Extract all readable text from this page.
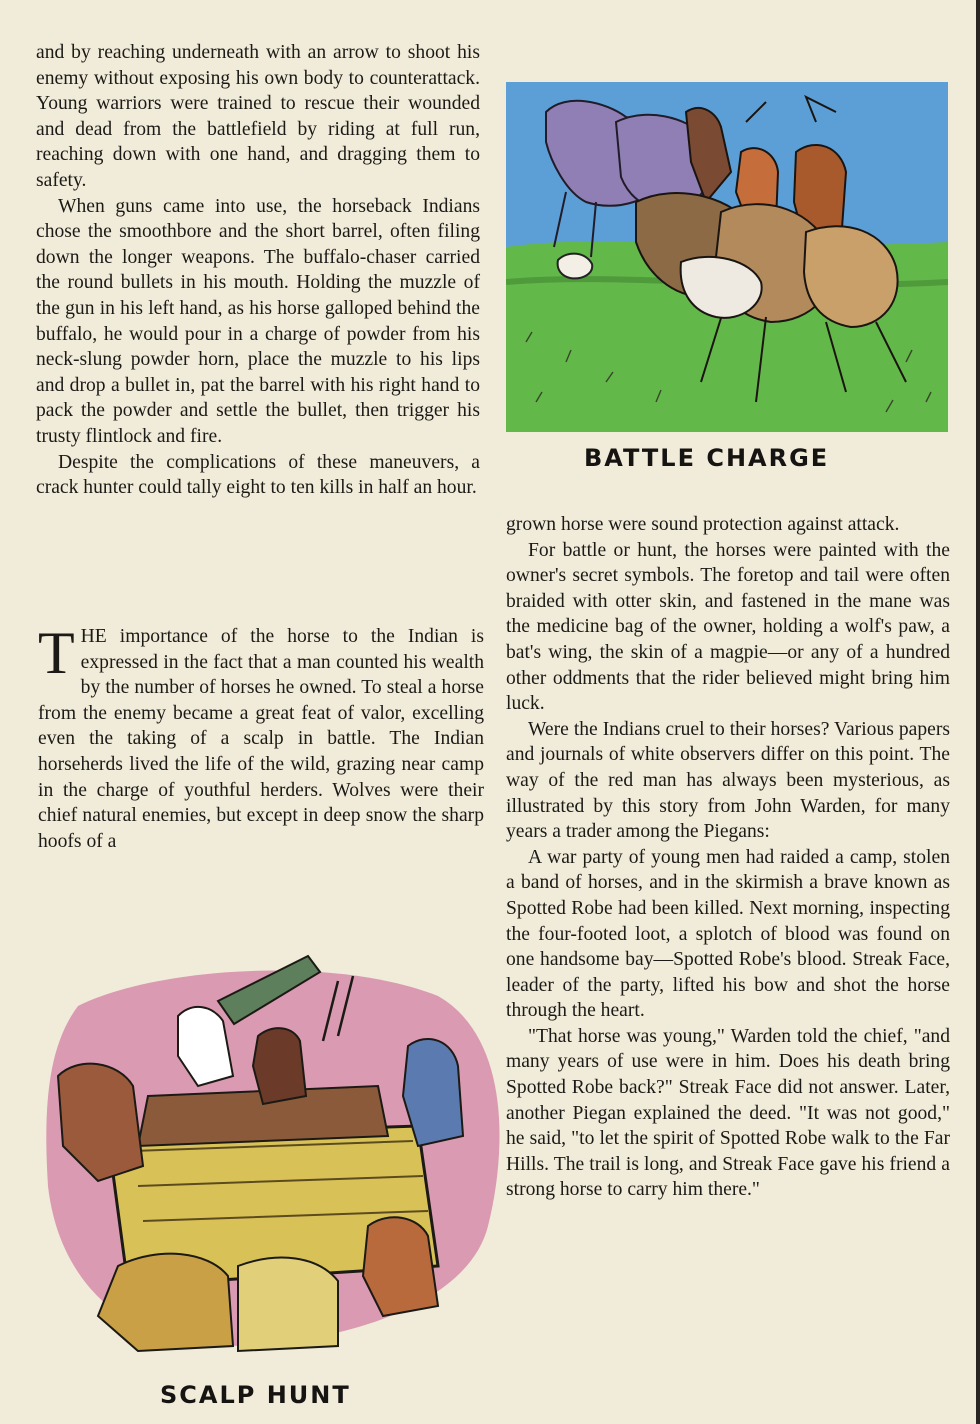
and by reaching underneath with an arrow to shoot his enemy without exposing his own body to counterattack. Young warriors were trained to rescue their wounded and dead from the battlefield by riding at full run, reaching down with one hand, and dragging them to safety.

When guns came into use, the horseback Indians chose the smoothbore and the short barrel, often filing down the longer weapons. The buffalo-chaser carried the round bullets in his mouth. Holding the muzzle of the gun in his left hand, as his horse galloped behind the buffalo, he would pour in a charge of powder from his neck-slung powder horn, place the muzzle to his lips and drop a bullet in, pat the barrel with his right hand to pack the powder and settle the bullet, then trigger his trusty flintlock and fire.

Despite the complications of these maneuvers, a crack hunter could tally eight to ten kills in half an hour.

THE importance of the horse to the Indian is expressed in the fact that a man counted his wealth by the number of horses he owned. To steal a horse from the enemy became a great feat of valor, excelling even the taking of a scalp in battle. The Indian horseherds lived the life of the wild, grazing near camp in the charge of youthful herders. Wolves were their chief natural enemies, but except in deep snow the sharp hoofs of a

BATTLE CHARGE

grown horse were sound protection against attack.

For battle or hunt, the horses were painted with the owner's secret symbols. The foretop and tail were often braided with otter skin, and fastened in the mane was the medicine bag of the owner, holding a wolf's paw, a bat's wing, the skin of a magpie—or any of a hundred other oddments that the rider believed might bring him luck.

Were the Indians cruel to their horses? Various papers and journals of white observers differ on this point. The way of the red man has always been mysterious, as illustrated by this story from John Warden, for many years a trader among the Piegans:

A war party of young men had raided a camp, stolen a band of horses, and in the skirmish a brave known as Spotted Robe had been killed. Next morning, inspecting the four-footed loot, a splotch of blood was found on one handsome bay—Spotted Robe's blood. Streak Face, leader of the party, lifted his bow and shot the horse through the heart.

"That horse was young," Warden told the chief, "and many years of use were in him. Does his death bring Spotted Robe back?" Streak Face did not answer. Later, another Piegan explained the deed. "It was not good," he said, "to let the spirit of Spotted Robe walk to the Far Hills. The trail is long, and Streak Face gave his friend a strong horse to carry him there."

SCALP HUNT
